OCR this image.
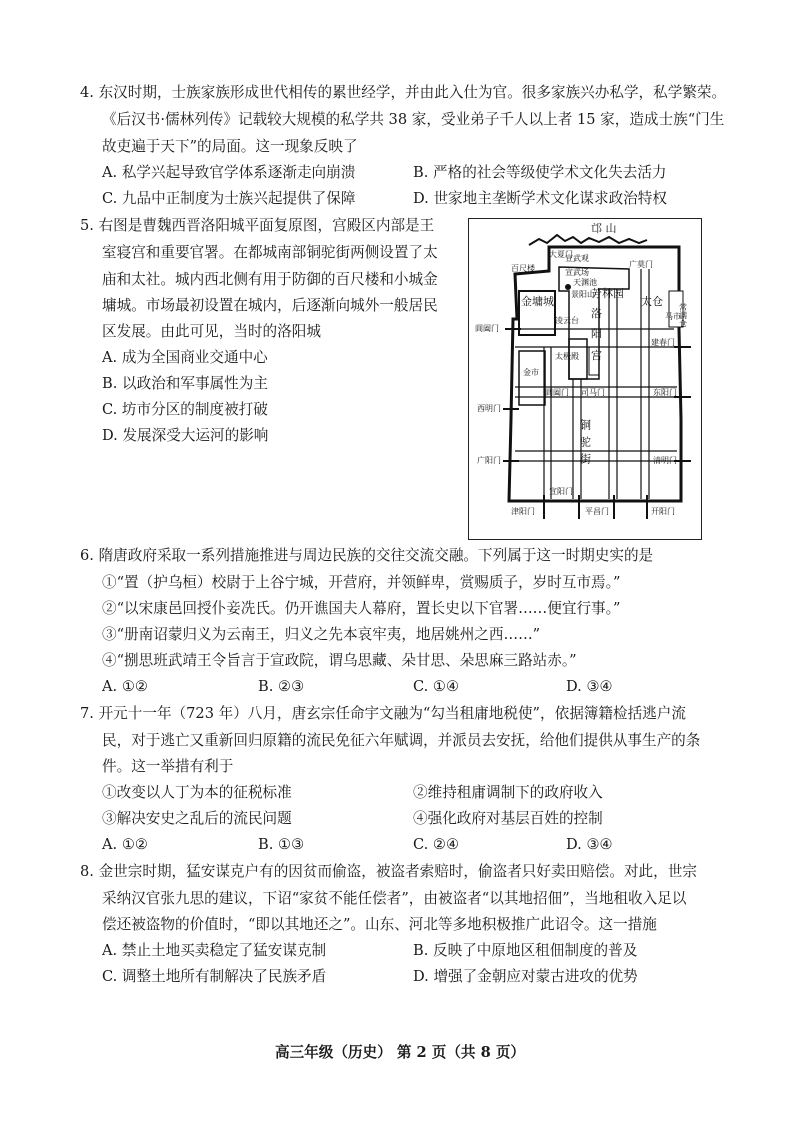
4. 东汉时期，士族家族形成世代相传的累世经学，并由此入仕为官。很多家族兴办私学，私学繁荣。
《后汉书·儒林列传》记载较大规模的私学共 38 家，受业弟子千人以上者 15 家，造成士族“门生
故吏遍于天下”的局面。这一现象反映了
A. 私学兴起导致官学体系逐渐走向崩溃	B. 严格的社会等级使学术文化失去活力
C. 九品中正制度为士族兴起提供了保障	D. 世家地主垄断学术文化谋求政治特权
5. 右图是曹魏西晋洛阳城平面复原图，宫殿区内部是王
室寝宫和重要官署。在都城南部铜驼街两侧设置了太
庙和太社。城内西北侧有用于防御的百尺楼和小城金
墉城。市场最初设置在城内，后逐渐向城外一般居民
区发展。由此可见，当时的洛阳城
A. 成为全国商业交通中心
B. 以政治和军事属性为主
C. 坊市分区的制度被打破
D. 发展深受大运河的影响
邙 山
大夏门
宣武观
广莫门
百尺楼	宣武场
天渊池
景阳山
芳林园
金墉城	太仓
洛
凌云台
阳
宫
太极殿
阊阖门
建春门
常满仓
马市
金市
西明门
东阳门
阊阖门 司马门
铜驼街
广阳门	清明门
宣阳门
津阳门	平昌门	开阳门
6. 隋唐政府采取一系列措施推进与周边民族的交往交流交融。下列属于这一时期史实的是
①“置（护乌桓）校尉于上谷宁城，开营府，并领鲜卑，赏赐质子，岁时互市焉。”
②“以宋康邑回授仆妾冼氏。仍开谯国夫人幕府，置长史以下官署……便宜行事。”
③“册南诏蒙归义为云南王，归义之先本哀牢夷，地居姚州之西……”
④“捌思班武靖王令旨言于宣政院，谓乌思藏、朵甘思、朵思麻三路站赤。”
A. ①②	B. ②③	C. ①④	D. ③④
7. 开元十一年（723 年）八月，唐玄宗任命宇文融为“勾当租庸地税使”，依据簿籍检括逃户流
民，对于逃亡又重新回归原籍的流民免征六年赋调，并派员去安抚，给他们提供从事生产的条
件。这一举措有利于
①改变以人丁为本的征税标准	②维持租庸调制下的政府收入
③解决安史之乱后的流民问题	④强化政府对基层百姓的控制
A. ①②	B. ①③	C. ②④	D. ③④
8. 金世宗时期，猛安谋克户有的因贫而偷盗，被盗者索赔时，偷盗者只好卖田赔偿。对此，世宗
采纳汉官张九思的建议，下诏“家贫不能任偿者”，由被盗者“以其地招佃”，当地租收入足以
偿还被盗物的价值时，“即以其地还之”。山东、河北等多地积极推广此诏令。这一措施
A. 禁止土地买卖稳定了猛安谋克制	B. 反映了中原地区租佃制度的普及
C. 调整土地所有制解决了民族矛盾	D. 增强了金朝应对蒙古进攻的优势
高三年级（历史） 第 2 页（共 8 页）
